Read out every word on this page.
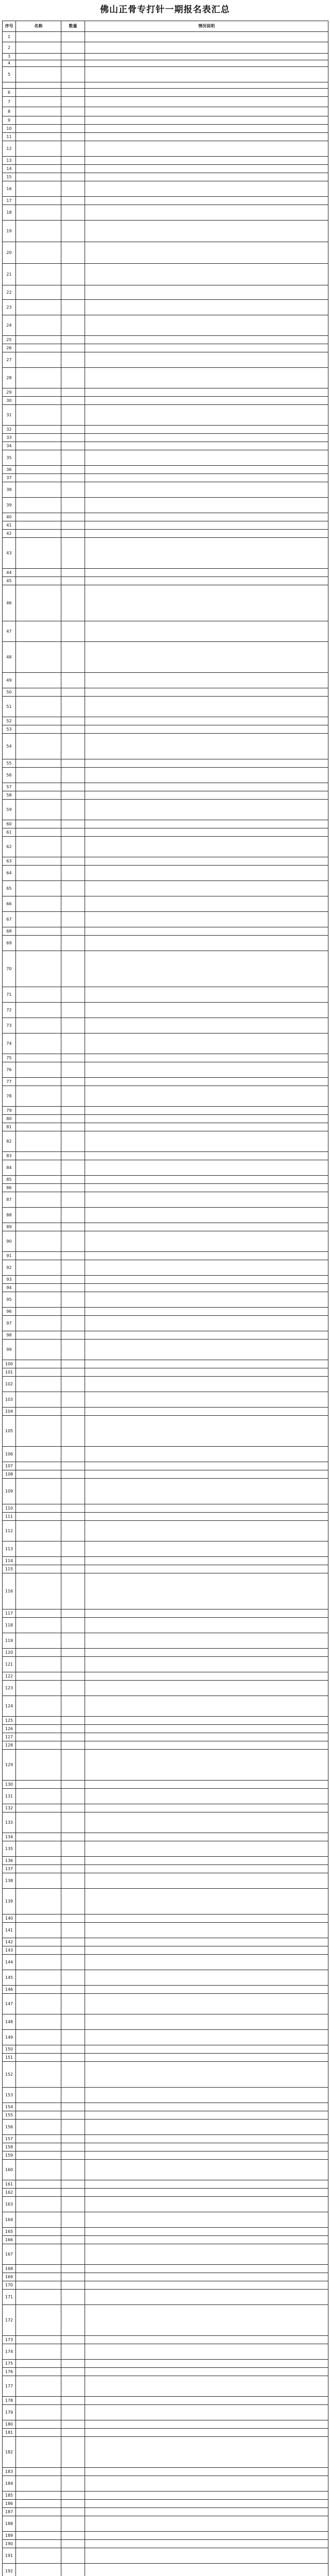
佛山正骨专打针一期报名表汇总
序号	名称	数量	情况说明
1			
2			
3			
4			
5			

6			
7			
8			
9			
10			
11			
12			
13			
14			
15			
16			
17			
18			
19			
20			
21			
22			
23			
24			
25			
26			
27			
28			
29			
30			
31			
32			
33			
34			
35			
36			
37			
38			
39			
40			
41			
42			
43			
44			
45			
46			
47			
48			
49			
50			
51			
52			
53			
54			
55			
56			
57			
58			
59			
60			
61			
62			
63			
64			
65			
66			
67			
68			
69			
70			
71			
72			
73			
74			
75			
76			
77			
78			
79			
80			
81			
82			
83			
84			
85			
86			
87			
88			
89			
90			
91			
92			
93			
94			
95			
96			
97			
98			
99			
100			
101			
102			
103			
104			
105			
106			
107			
108			
109			
110			
111			
112			
113			
114			
115			
116			
117			
118			
119			
120			
121			
122			
123			
124			
125			
126			
127			
128			
129			
130			
131			
132			
133			
134			
135			
136			
137			
138			
139			
140			
141			
142			
143			
144			
145			
146			
147			
148			
149			
150			
151			
152			
153			
154			
155			
156			
157			
158			
159			
160			
161			
162			
163			
164			
165			
166			
167			
168			
169			
170			
171			
172			
173			
174			
175			
176			
177			
178			
179			
180			
181			
182			
183			
184			
185			
186			
187			
188			
189			
190			
191			
192			
